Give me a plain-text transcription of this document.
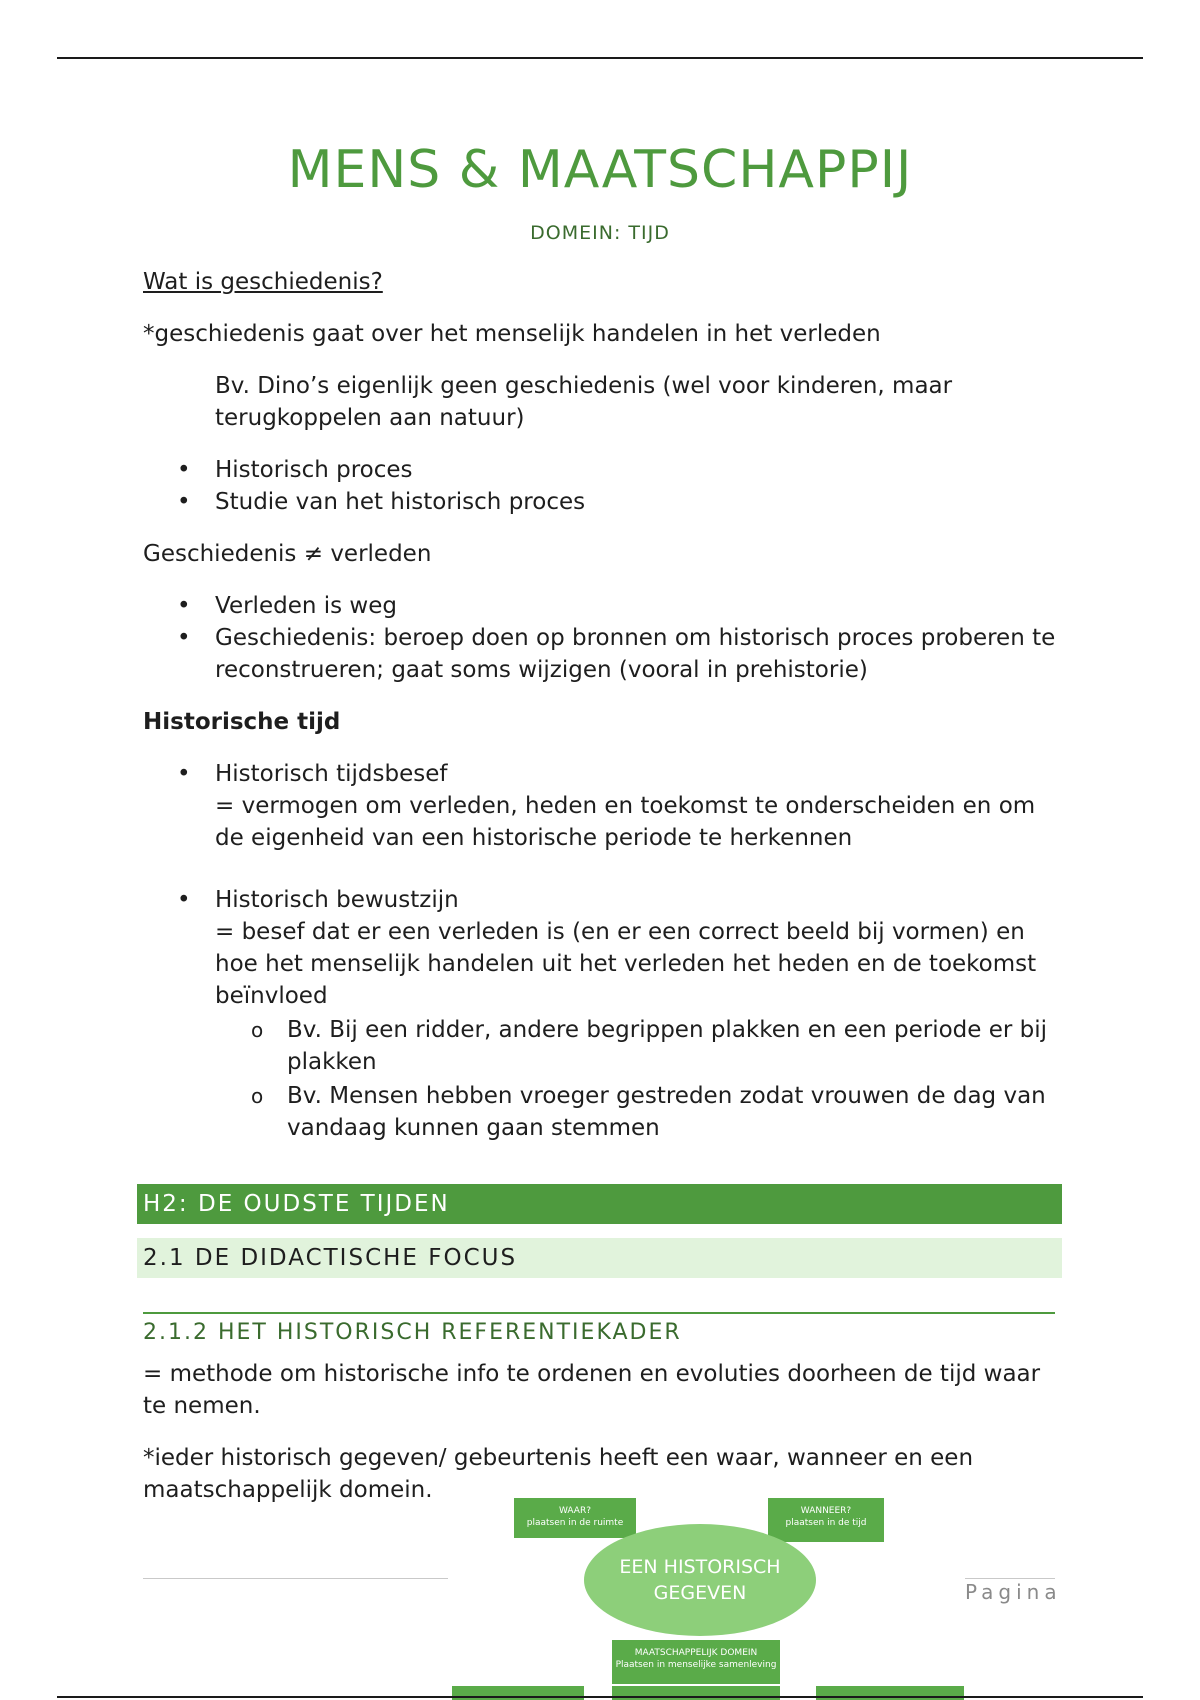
MENS & MAATSCHAPPIJ
DOMEIN: TIJD

Wat is geschiedenis?

*geschiedenis gaat over het menselijk handelen in het verleden

Bv. Dino’s eigenlijk geen geschiedenis (wel voor kinderen, maar terugkoppelen aan natuur)

• Historisch proces
• Studie van het historisch proces

Geschiedenis ≠ verleden

• Verleden is weg
• Geschiedenis: beroep doen op bronnen om historisch proces proberen te reconstrueren; gaat soms wijzigen (vooral in prehistorie)

Historische tijd

• Historisch tijdsbesef
= vermogen om verleden, heden en toekomst te onderscheiden en om de eigenheid van een historische periode te herkennen
• Historisch bewustzijn
= besef dat er een verleden is (en er een correct beeld bij vormen) en hoe het menselijk handelen uit het verleden het heden en de toekomst beïnvloed
o Bv. Bij een ridder, andere begrippen plakken en een periode er bij plakken
o Bv. Mensen hebben vroeger gestreden zodat vrouwen de dag van vandaag kunnen gaan stemmen
H2: DE OUDSTE TIJDEN
2.1 DE DIDACTISCHE FOCUS
2.1.2 HET HISTORISCH REFERENTIEKADER

= methode om historische info te ordenen en evoluties doorheen de tijd waar te nemen.

*ieder historisch gegeven/ gebeurtenis heeft een waar, wanneer en een maatschappelijk domein.

Pagina
WAAR?
plaatsen in de ruimte
WANNEER?
plaatsen in de tijd
EEN HISTORISCH
GEGEVEN
MAATSCHAPPELIJK DOMEIN
Plaatsen in menselijke samenleving
